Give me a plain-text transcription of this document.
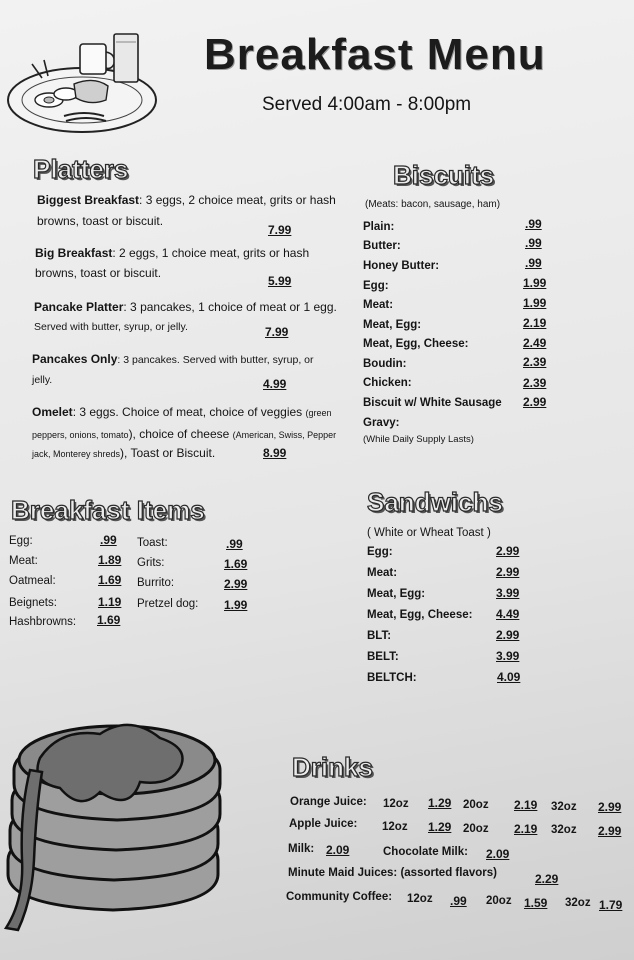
Breakfast Menu
Served 4:00am - 8:00pm
Platters
Biggest Breakfast: 3 eggs, 2 choice meat, grits or hash
browns, toast or biscuit.
7.99
Big Breakfast: 2 eggs, 1 choice meat, grits or hash
browns, toast or biscuit.
5.99
Pancake Platter: 3 pancakes, 1 choice of meat or 1 egg.
Served with butter, syrup, or jelly.	7.99
Pancakes Only: 3 pancakes. Served with butter, syrup, or
jelly.	4.99
Omelet: 3 eggs. Choice of meat, choice of veggies (green
peppers, onions, tomato), choice of cheese (American, Swiss, Pepper
jack, Monterey shreds), Toast or Biscuit.	8.99
Biscuits
(Meats: bacon, sausage, ham)
Plain:	.99
Butter:	.99
Honey Butter:	.99
Egg:	1.99
Meat:	1.99
Meat, Egg:	2.19
Meat, Egg, Cheese:	2.49
Boudin:	2.39
Chicken:	2.39
Biscuit w/ White Sausage 2.99
Gravy:
(While Daily Supply Lasts)
Breakfast Items
Egg:	.99
Meat:	1.89
Oatmeal:	1.69
Beignets:	1.19
Hashbrowns: 1.69
Toast:	.99
Grits:	1.69
Burrito:	2.99
Pretzel dog: 1.99
Sandwichs
( White or Wheat Toast )
Egg:	2.99
Meat:	2.99
Meat, Egg:	3.99
Meat, Egg, Cheese: 4.49
BLT:	2.99
BELT:	3.99
BELTCH:	4.09
Drinks
Orange Juice: 12oz 1.29 20oz 2.19 32oz 2.99
Apple Juice: 12oz 1.29 20oz 2.19 32oz 2.99
Milk: 2.09	Chocolate Milk: 2.09
Minute Maid Juices: (assorted flavors)	2.29
Community Coffee: 12oz .99 20oz 1.59 32oz 1.79
